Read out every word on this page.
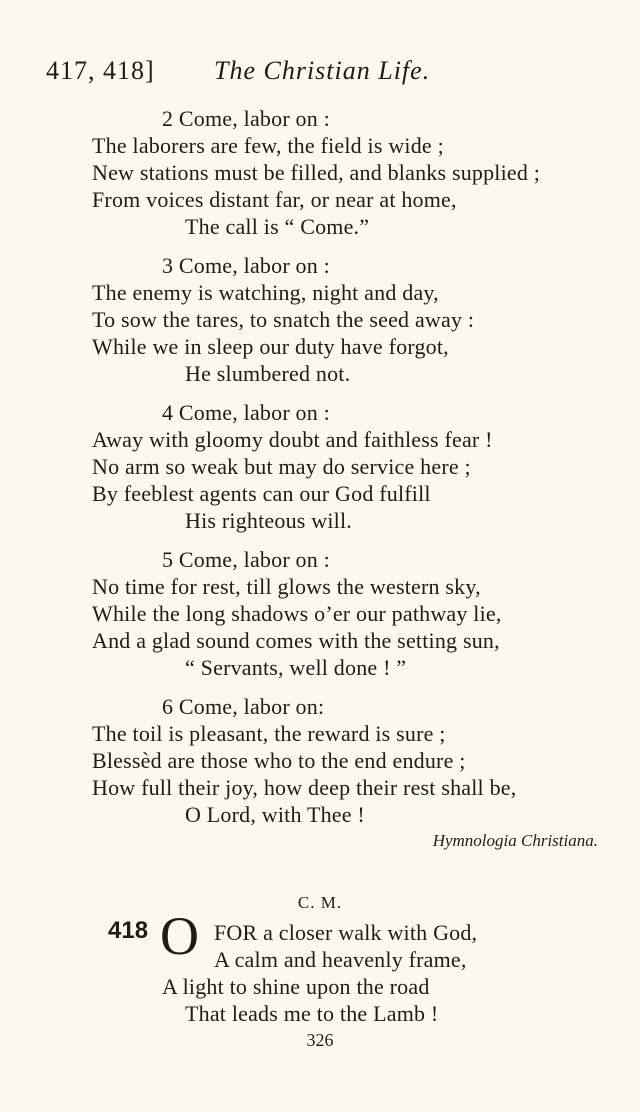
417, 418] The Christian Life.
2 Come, labor on :
The laborers are few, the field is wide ;
New stations must be filled, and blanks supplied ;
From voices distant far, or near at home,
The call is “ Come.”
3 Come, labor on :
The enemy is watching, night and day,
To sow the tares, to snatch the seed away :
While we in sleep our duty have forgot,
He slumbered not.
4 Come, labor on :
Away with gloomy doubt and faithless fear !
No arm so weak but may do service here ;
By feeblest agents can our God fulfill
His righteous will.
5 Come, labor on :
No time for rest, till glows the western sky,
While the long shadows o’er our pathway lie,
And a glad sound comes with the setting sun,
“ Servants, well done ! ”
6 Come, labor on:
The toil is pleasant, the reward is sure ;
Blessèd are those who to the end endure ;
How full their joy, how deep their rest shall be,
O Lord, with Thee !
Hymnologia Christiana.
C. M.
418 O FOR a closer walk with God,
A calm and heavenly frame,
A light to shine upon the road
That leads me to the Lamb !
326
